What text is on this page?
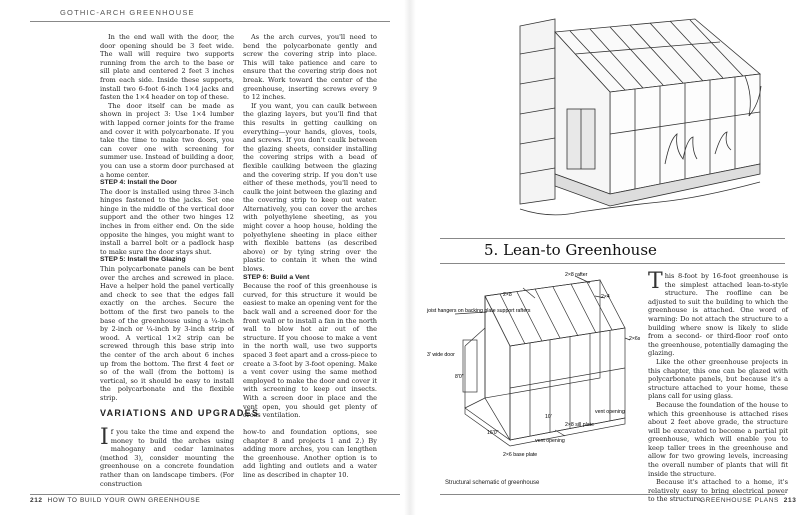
GOTHIC-ARCH GREENHOUSE

In the end wall with the door, the door opening should be 3 feet wide. The wall will require two supports running from the arch to the base or sill plate and centered 2 feet 3 inches from each side. Inside these supports, install two 6-foot 6-inch 1×4 jacks and fasten the 1×4 header on top of these.

The door itself can be made as shown in project 3: Use 1×4 lumber with lapped corner joints for the frame and cover it with polycarbonate. If you take the time to make two doors, you can cover one with screening for summer use. Instead of building a door, you can use a storm door purchased at a home center.

STEP 4: Install the Door

The door is installed using three 3-inch hinges fastened to the jacks. Set one hinge in the middle of the vertical door support and the other two hinges 12 inches in from either end. On the side opposite the hinges, you might want to install a barrel bolt or a padlock hasp to make sure the door stays shut.

STEP 5: Install the Glazing

Thin polycarbonate panels can be bent over the arches and screwed in place. Have a helper hold the panel vertically and check to see that the edges fall exactly on the arches. Secure the bottom of the first two panels to the base of the greenhouse using a ¼-inch by 2-inch or ¼-inch by 3-inch strip of wood. A vertical 1×2 strip can be screwed through this base strip into the center of the arch about 6 inches up from the bottom. The first 4 feet or so of the wall (from the bottom) is vertical, so it should be easy to install the polycarbonate and the flexible strip.

As the arch curves, you'll need to bend the polycarbonate gently and screw the covering strip into place. This will take patience and care to ensure that the covering strip does not break. Work toward the center of the greenhouse, inserting screws every 9 to 12 inches.

If you want, you can caulk between the glazing layers, but you'll find that this results in getting caulking on everything—your hands, gloves, tools, and screws. If you don't caulk between the glazing sheets, consider installing the covering strips with a bead of flexible caulking between the glazing and the covering strip. If you don't use either of these methods, you'll need to caulk the joint between the glazing and the covering strip to keep out water. Alternatively, you can cover the arches with polyethylene sheeting, as you might cover a hoop house, holding the polyethylene sheeting in place either with flexible battens (as described above) or by tying string over the plastic to contain it when the wind blows.

STEP 6: Build a Vent

Because the roof of this greenhouse is curved, for this structure it would be easiest to make an opening vent for the back wall and a screened door for the front wall or to install a fan in the north wall to blow hot air out of the structure. If you choose to make a vent in the north wall, use two supports spaced 3 feet apart and a cross-piece to create a 3-foot by 3-foot opening. Make a vent cover using the same method employed to make the door and cover it with screening to keep out insects. With a screen door in place and the vent open, you should get plenty of cross ventilation.

VARIATIONS AND UPGRADES
If you take the time and expend the money to build the arches using mahogany and cedar laminates (method 3), consider mounting the greenhouse on a concrete foundation rather than on landscape timbers. (For construction

how-to and foundation options, see chapter 8 and projects 1 and 2.) By adding more arches, you can lengthen the greenhouse. Another option is to add lighting and outlets and a water line as described in chapter 10.

5. Lean-to Greenhouse
2×8 rafter
2×8	2×4
joist hangers on backing plate support rafters
2×6s
3' wide door
8'0"
vent opening
2×8 sill plate
10'
16'0"
vent opening
2×6 base plate
Structural schematic of greenhouse

This 8-foot by 16-foot greenhouse is the simplest attached lean-to-style structure. The roofline can be adjusted to suit the building to which the greenhouse is attached. One word of warning: Do not attach the structure to a building where snow is likely to slide from a second- or third-floor roof onto the greenhouse, potentially damaging the glazing.

Like the other greenhouse projects in this chapter, this one can be glazed with polycarbonate panels, but because it's a structure attached to your home, these plans call for using glass.

Because the foundation of the house to which this greenhouse is attached rises about 2 feet above grade, the structure will be excavated to become a partial pit greenhouse, which will enable you to keep taller trees in the greenhouse and allow for two growing levels, increasing the overall number of plants that will fit inside the structure.

Because it's attached to a home, it's relatively easy to bring electrical power to the structure.

212 HOW TO BUILD YOUR OWN GREENHOUSE	GREENHOUSE PLANS 213
